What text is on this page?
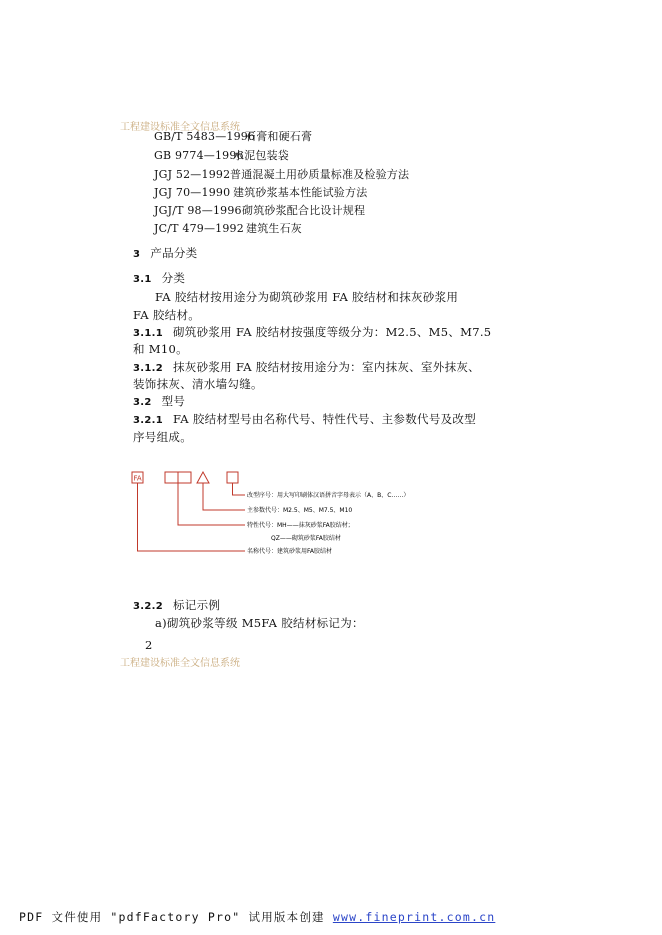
工程建设标准全文信息系统
GB/T 5483—1996石膏和硬石膏
GB 9774—1996水泥包装袋
JGJ 52—1992普通混凝土用砂质量标准及检验方法
JGJ 70—1990 建筑砂浆基本性能试验方法
JGJ/T 98—1996砌筑砂浆配合比设计规程
JC/T 479—1992 建筑生石灰
3 产品分类
3.1 分类
FA 胶结材按用途分为砌筑砂浆用 FA 胶结材和抹灰砂浆用
FA 胶结材。
3.1.1 砌筑砂浆用 FA 胶结材按强度等级分为：M2.5、M5、M7.5
和 M10。
3.1.2 抹灰砂浆用 FA 胶结材按用途分为：室内抹灰、室外抹灰、
装饰抹灰、清水墙勾缝。
3.2 型号
3.2.1 FA 胶结材型号由名称代号、特性代号、主参数代号及改型
序号组成。
FA
改型序号：用大写印刷体汉语拼音字母表示（A、B、C……）
主参数代号：M2.5、M5、M7.5、M10
特性代号：MH——抹灰砂浆FA胶结材；
QZ——砌筑砂浆FA胶结材
名称代号：建筑砂浆用FA胶结材
3.2.2 标记示例
a)砌筑砂浆等级 M5FA 胶结材标记为：
2
工程建设标准全文信息系统
PDF 文件使用 "pdfFactory Pro" 试用版本创建 www.fineprint.com.cn
